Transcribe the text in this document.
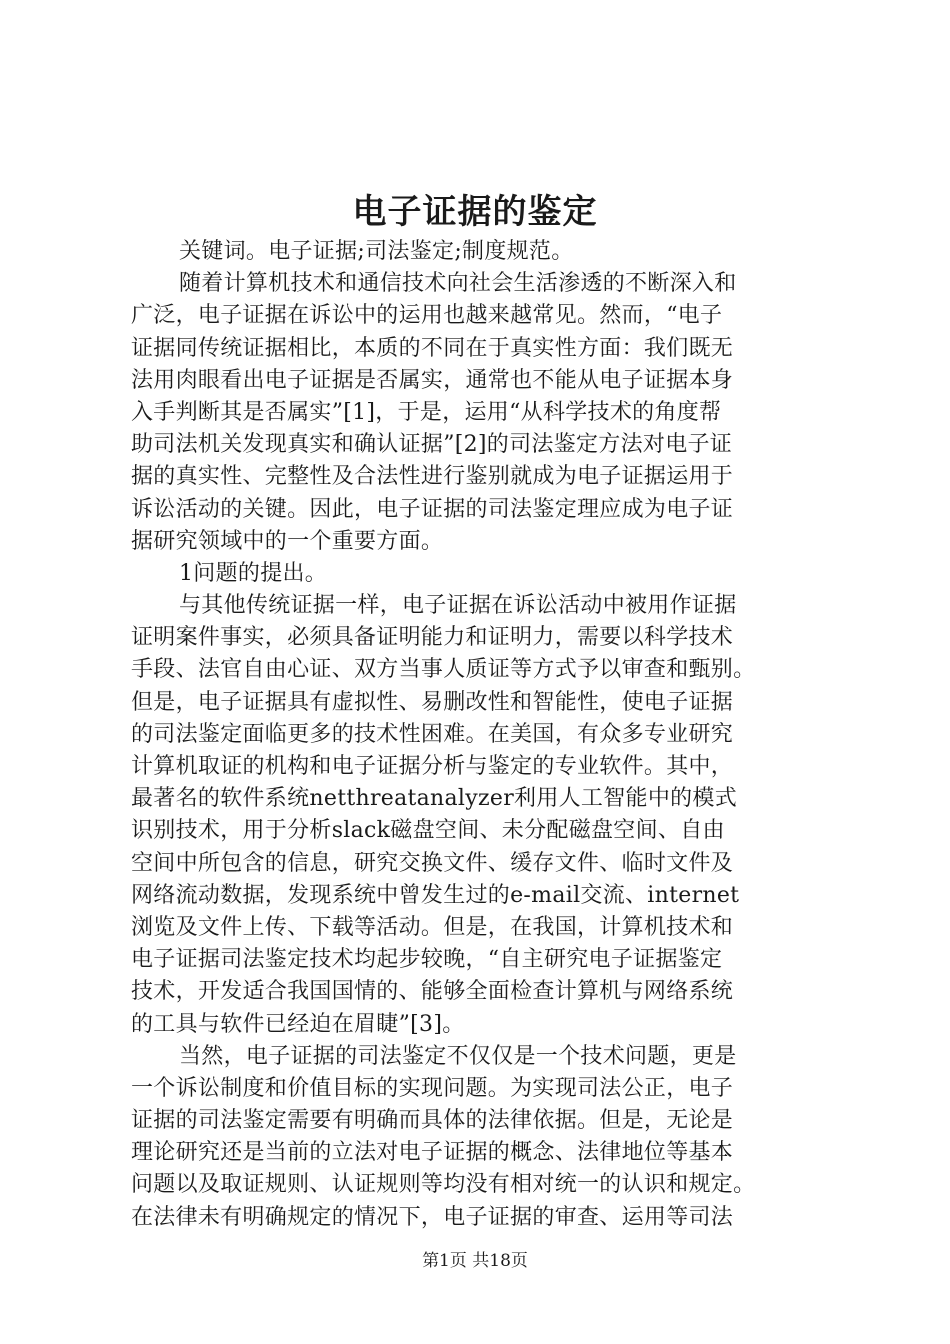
电子证据的鉴定
关键词。电子证据;司法鉴定;制度规范。
随着计算机技术和通信技术向社会生活渗透的不断深入和
广泛，电子证据在诉讼中的运用也越来越常见。然而，“电子
证据同传统证据相比，本质的不同在于真实性方面：我们既无
法用肉眼看出电子证据是否属实，通常也不能从电子证据本身
入手判断其是否属实”[1]，于是，运用“从科学技术的角度帮
助司法机关发现真实和确认证据”[2]的司法鉴定方法对电子证
据的真实性、完整性及合法性进行鉴别就成为电子证据运用于
诉讼活动的关键。因此，电子证据的司法鉴定理应成为电子证
据研究领域中的一个重要方面。
1问题的提出。
与其他传统证据一样，电子证据在诉讼活动中被用作证据
证明案件事实，必须具备证明能力和证明力，需要以科学技术
手段、法官自由心证、双方当事人质证等方式予以审查和甄别。
但是，电子证据具有虚拟性、易删改性和智能性，使电子证据
的司法鉴定面临更多的技术性困难。在美国，有众多专业研究
计算机取证的机构和电子证据分析与鉴定的专业软件。其中，
最著名的软件系统netthreatanalyzer利用人工智能中的模式
识别技术，用于分析slack磁盘空间、未分配磁盘空间、自由
空间中所包含的信息，研究交换文件、缓存文件、临时文件及
网络流动数据，发现系统中曾发生过的e-mail交流、internet
浏览及文件上传、下载等活动。但是，在我国，计算机技术和
电子证据司法鉴定技术均起步较晚，“自主研究电子证据鉴定
技术，开发适合我国国情的、能够全面检查计算机与网络系统
的工具与软件已经迫在眉睫”[3]。
当然，电子证据的司法鉴定不仅仅是一个技术问题，更是
一个诉讼制度和价值目标的实现问题。为实现司法公正，电子
证据的司法鉴定需要有明确而具体的法律依据。但是，无论是
理论研究还是当前的立法对电子证据的概念、法律地位等基本
问题以及取证规则、认证规则等均没有相对统一的认识和规定。
在法律未有明确规定的情况下，电子证据的审查、运用等司法

第1页 共18页
